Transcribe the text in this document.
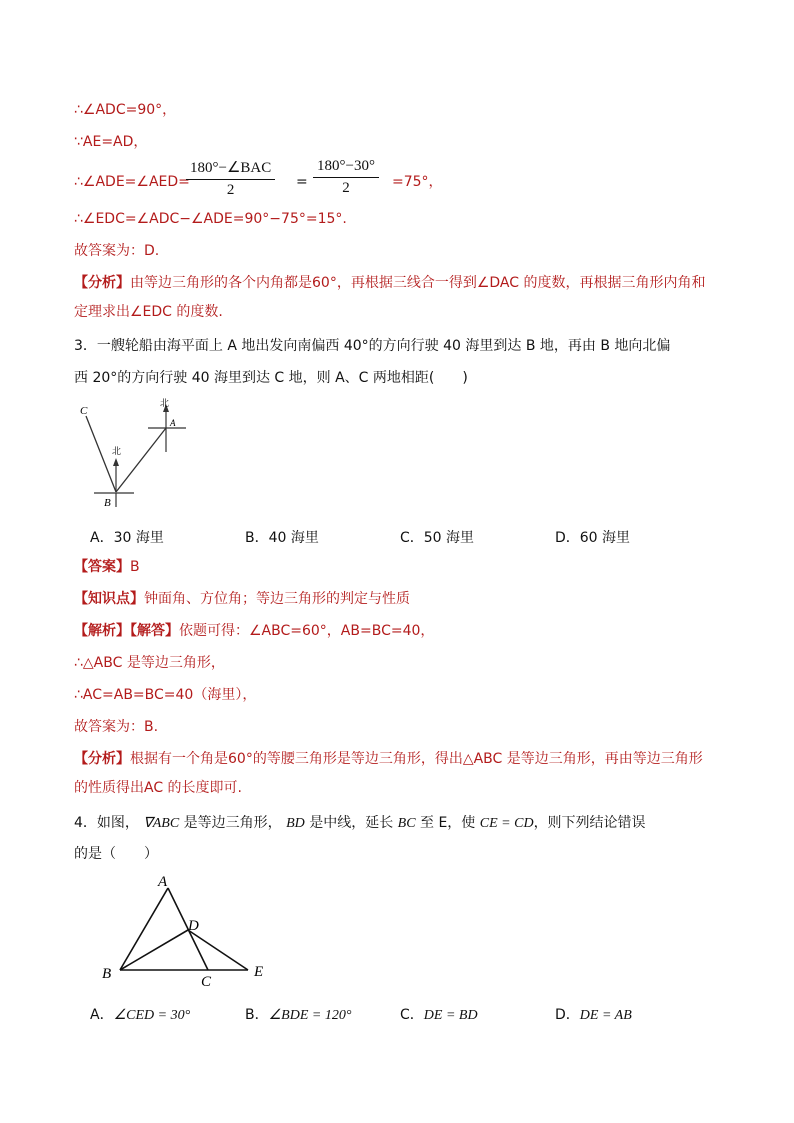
∴∠ADC=90°，
∵AE=AD，
∴∠ADE=∠AED=
180°−∠BAC
2	= $\frac{180^\circ-30^\circ}{2} =75^\circ$，
∴∠EDC=∠ADC−∠ADE=90°−75°=15°.
故答案为：D.
【分析】由等边三角形的各个内角都是60°，再根据三线合一得到∠DAC 的度数，再根据三角形内角和
定理求出∠EDC 的度数.
3．一艘轮船由海平面上 A 地出发向南偏西 40°的方向行驶 40 海里到达 B 地，再由 B 地向北偏
西 20°的方向行驶 40 海里到达 C 地，则 A、C 两地相距(　　)
C
A
B
北
北
A．30 海里	B．40 海里	C．50 海里	D．60 海里
【答案】B
【知识点】钟面角、方位角；等边三角形的判定与性质
【解析】【解答】依题可得：∠ABC=60°，AB=BC=40，
∴△ABC 是等边三角形，
∴AC=AB=BC=40（海里），
故答案为：B.
【分析】根据有一个角是60°的等腰三角形是等边三角形，得出△ABC 是等边三角形，再由等边三角形
的性质得出AC 的长度即可.
4．如图， ∇ABC 是等边三角形， BD 是中线，延长 BC 至 E，使 CE = CD，则下列结论错误
的是（　　）
A
B	C
D
E
A．∠CED = 30°	B．∠BDE = 120°	C．DE = BD	D．DE = AB
